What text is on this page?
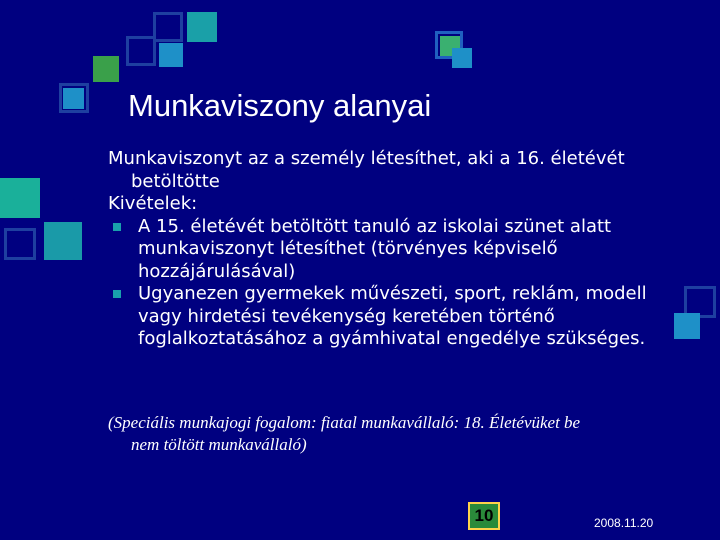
Munkaviszony alanyai

Munkaviszonyt az a személy létesíthet, aki a 16. életévét

betöltötte

Kivételek:

A 15. életévét betöltött tanuló az iskolai szünet alatt

munkaviszonyt létesíthet (törvényes képviselő

hozzájárulásával)

Ugyanezen gyermekek művészeti, sport, reklám, modell

vagy hirdetési tevékenység keretében történő

foglalkoztatásához a gyámhivatal engedélye szükséges.

(Speciális munkajogi fogalom: fiatal munkavállaló: 18. Életévüket be

nem töltött munkavállaló)

10	2008.11.20
